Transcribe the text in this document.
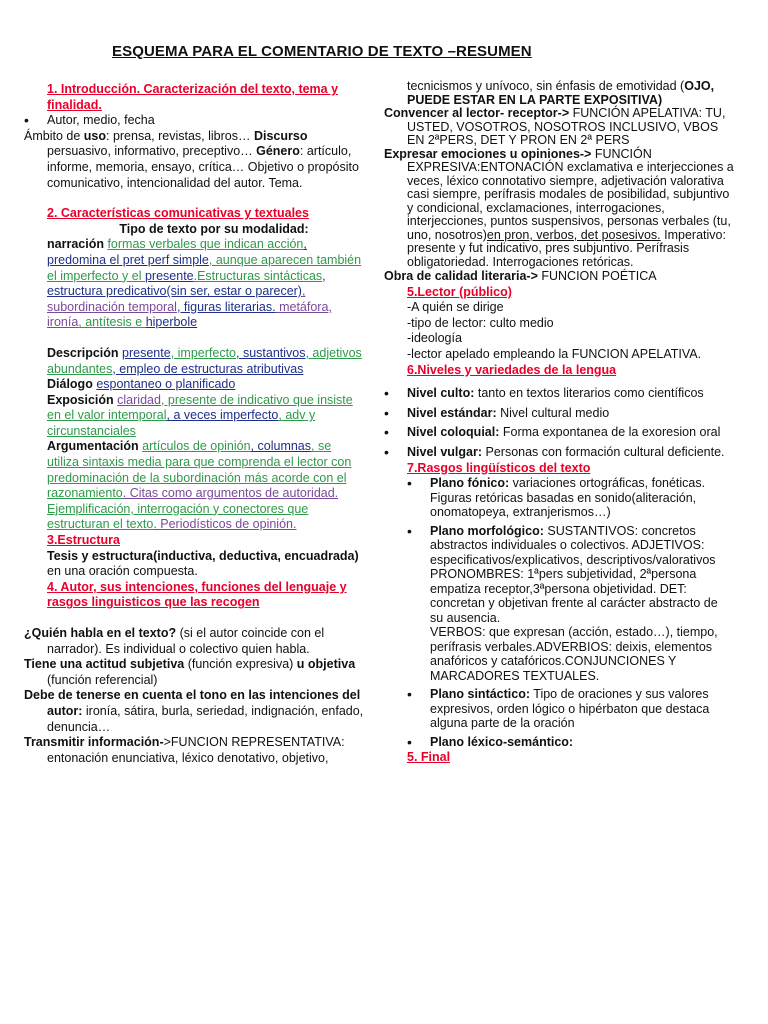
ESQUEMA PARA EL COMENTARIO DE TEXTO –RESUMEN

1. Introducción. Caracterización del texto, tema y finalidad.

• Autor, medio, fecha

Ámbito de uso: prensa, revistas, libros… Discurso persuasivo, informativo, preceptivo… Género: artículo, informe, memoria, ensayo, crítica… Objetivo o propósito comunicativo, intencionalidad del autor. Tema.

2. Características comunicativas y textuales

Tipo de texto por su modalidad:

narración formas verbales que indican acción, predomina el pret perf simple, aunque aparecen también el imperfecto y el presente.Estructuras sintácticas, estructura predicativo(sin ser, estar o parecer), subordinación temporal, figuras literarias. metáfora, ironía, antítesis e hiperbole

Descripción presente, imperfecto, sustantivos, adjetivos abundantes, empleo de estructuras atributivas

Diálogo espontaneo o planificado

Exposición claridad, presente de indicativo que insiste en el valor intemporal, a veces imperfecto, adv y circunstanciales

Argumentación artículos de opinión, columnas, se utiliza sintaxis media para que comprenda el lector con predominación de la subordinación más acorde con el razonamiento. Citas como argumentos de autoridad. Ejemplificación, interrogación y conectores que estructuran el texto. Periodísticos de opinión.

3.Estructura

Tesis y estructura(inductiva, deductiva, encuadrada) en una oración compuesta.

4. Autor, sus intenciones, funciones del lenguaje y rasgos linguisticos que las recogen

¿Quién habla en el texto? (si el autor coincide con el narrador). Es individual o colectivo quien habla.

Tiene una actitud subjetiva (función expresiva) u objetiva (función referencial)

Debe de tenerse en cuenta el tono en las intenciones del autor: ironía, sátira, burla, seriedad, indignación, enfado, denuncia…

Transmitir información->FUNCION REPRESENTATIVA: entonación enunciativa, léxico denotativo, objetivo,

tecnicismos y unívoco, sin énfasis de emotividad (OJO, PUEDE ESTAR EN LA PARTE EXPOSITIVA)

Convencer al lector- receptor-> FUNCIÓN APELATIVA: TU, USTED, VOSOTROS, NOSOTROS INCLUSIVO, VBOS EN 2ªPERS, DET Y PRON EN 2ª PERS

Expresar emociones u opiniones-> FUNCIÓN EXPRESIVA:ENTONACIÓN exclamativa e interjecciones a veces, léxico connotativo siempre, adjetivación valorativa casi siempre, perífrasis modales de posibilidad, subjuntivo y condicional, exclamaciones, interrogaciones, interjecciones, puntos suspensivos, personas verbales (tu, uno, nosotros)en pron, verbos, det posesivos. Imperativo: presente y fut indicativo, pres subjuntivo. Perífrasis obligatoriedad. Interrogaciones retóricas.

Obra de calidad literaria-> FUNCION POÉTICA

5.Lector (público)

-A quién se dirige

-tipo de lector: culto medio

-ideología

-lector apelado empleando la FUNCION APELATIVA.

6.Niveles y variedades de la lengua

• Nivel culto: tanto en textos literarios como científicos

• Nivel estándar: Nivel cultural medio

• Nivel coloquial: Forma expontanea de la exoresion oral

• Nivel vulgar: Personas con formación cultural deficiente.

7.Rasgos lingüísticos del texto

• Plano fónico: variaciones ortográficas, fonéticas. Figuras retóricas basadas en sonido(aliteración, onomatopeya, extranjerismos…)

• Plano morfológico: SUSTANTIVOS: concretos abstractos individuales o colectivos. ADJETIVOS: especificativos/explicativos, descriptivos/valorativos PRONOMBRES: 1ªpers subjetividad, 2ªpersona empatiza receptor,3ªpersona objetividad. DET: concretan y objetivan frente al carácter abstracto de su ausencia.

VERBOS: que expresan (acción, estado…), tiempo, perífrasis verbales.ADVERBIOS: deixis, elementos anafóricos y catafóricos.CONJUNCIONES Y MARCADORES TEXTUALES.

• Plano sintáctico: Tipo de oraciones y sus valores expresivos, orden lógico o hipérbaton que destaca alguna parte de la oración

• Plano léxico-semántico:

5. Final
